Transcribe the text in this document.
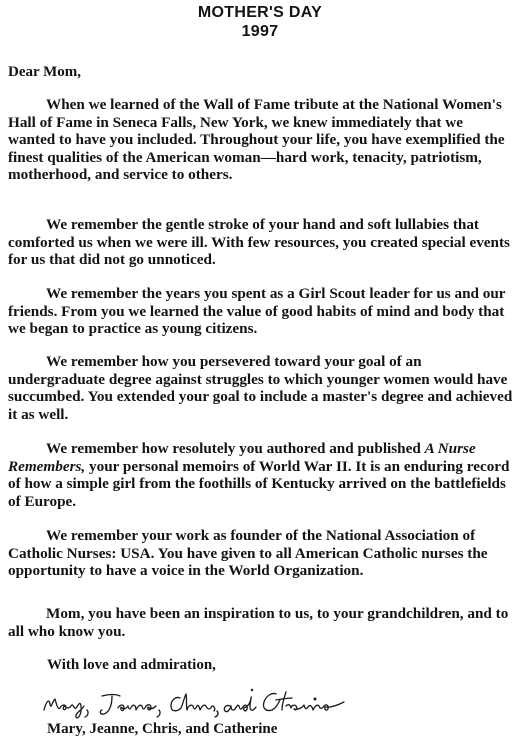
MOTHER'S DAY
1997
Dear Mom,

When we learned of the Wall of Fame tribute at the National Women's Hall of Fame in Seneca Falls, New York, we knew immediately that we wanted to have you included. Throughout your life, you have exemplified the finest qualities of the American woman—hard work, tenacity, patriotism, motherhood, and service to others.

We remember the gentle stroke of your hand and soft lullabies that comforted us when we were ill. With few resources, you created special events for us that did not go unnoticed.

We remember the years you spent as a Girl Scout leader for us and our friends. From you we learned the value of good habits of mind and body that we began to practice as young citizens.

We remember how you persevered toward your goal of an undergraduate degree against struggles to which younger women would have succumbed. You extended your goal to include a master's degree and achieved it as well.

We remember how resolutely you authored and published A Nurse Remembers, your personal memoirs of World War II. It is an enduring record of how a simple girl from the foothills of Kentucky arrived on the battlefields of Europe.

We remember your work as founder of the National Association of Catholic Nurses: USA. You have given to all American Catholic nurses the opportunity to have a voice in the World Organization.

Mom, you have been an inspiration to us, to your grandchildren, and to all who know you.

With love and admiration,
Mary, Jeanne, Chris, and Catherine
